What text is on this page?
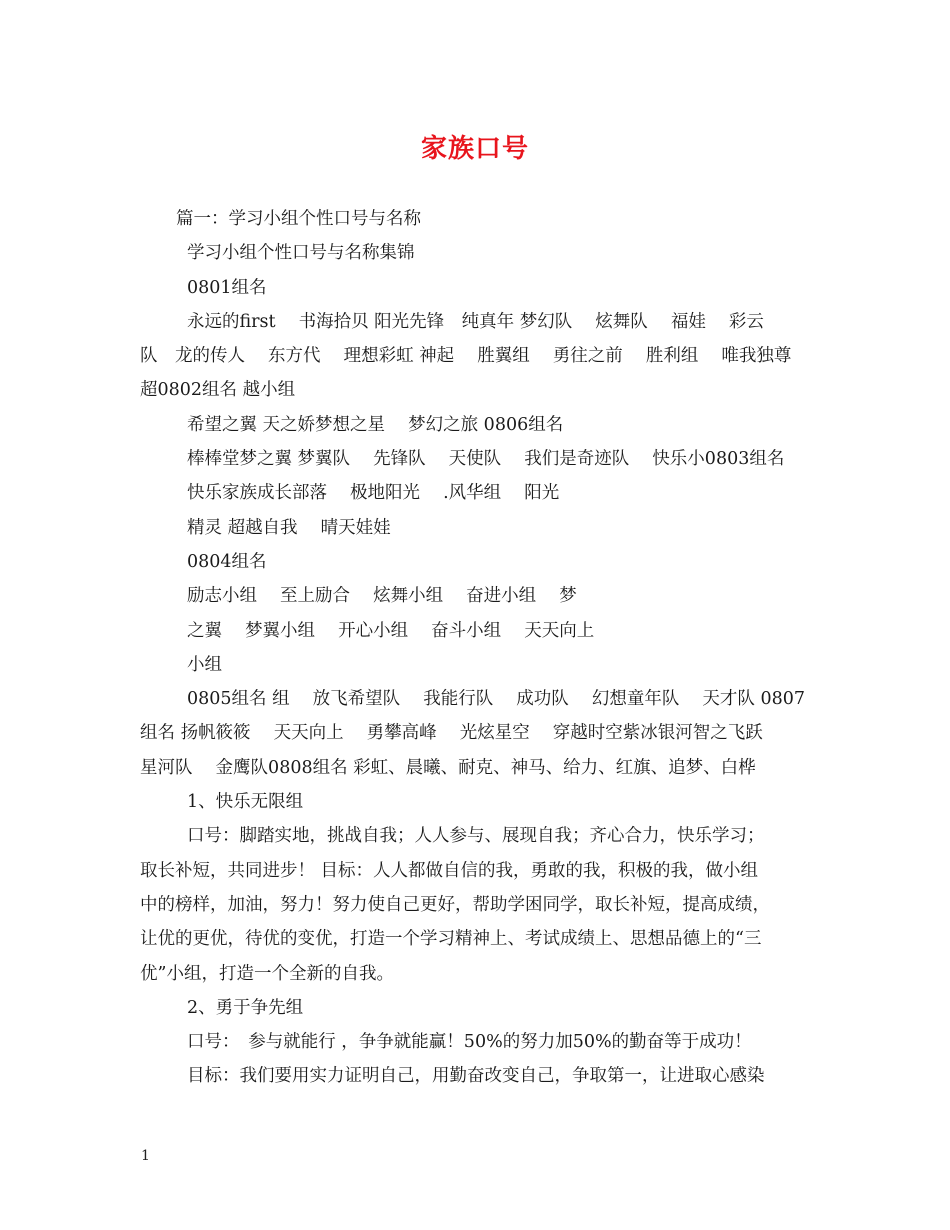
家族口号
篇一：学习小组个性口号与名称
学习小组个性口号与名称集锦
0801组名
永远的first　 书海拾贝 阳光先锋　纯真年 梦幻队　 炫舞队　 福娃　 彩云
队　龙的传人　 东方代　 理想彩虹 神起　 胜翼组　 勇往之前　 胜利组　 唯我独尊
超0802组名 越小组
希望之翼 天之娇梦想之星　 梦幻之旅 0806组名
棒棒堂梦之翼 梦翼队　 先锋队　 天使队　 我们是奇迹队　 快乐小0803组名
快乐家族成长部落　 极地阳光　 .风华组　 阳光
精灵 超越自我　 晴天娃娃
0804组名
励志小组　 至上励合　 炫舞小组　 奋进小组　 梦
之翼　 梦翼小组　 开心小组　 奋斗小组　 天天向上
小组
0805组名 组　 放飞希望队　 我能行队　 成功队　 幻想童年队　 天才队 0807
组名 扬帆筱筱　 天天向上　 勇攀高峰　 光炫星空　 穿越时空紫冰银河智之飞跃
星河队　 金鹰队0808组名 彩虹、晨曦、耐克、神马、给力、红旗、追梦、白桦
1、快乐无限组
口号：脚踏实地，挑战自我；人人参与、展现自我；齐心合力，快乐学习；
取长补短，共同进步！ 目标：人人都做自信的我，勇敢的我，积极的我，做小组
中的榜样，加油，努力！努力使自己更好，帮助学困同学，取长补短，提高成绩，
让优的更优，待优的变优，打造一个学习精神上、考试成绩上、思想品德上的“三
优”小组，打造一个全新的自我。
2、勇于争先组
口号：　参与就能行 ，争争就能赢！50%的努力加50%的勤奋等于成功！
目标：我们要用实力证明自己，用勤奋改变自己，争取第一，让进取心感染
1
